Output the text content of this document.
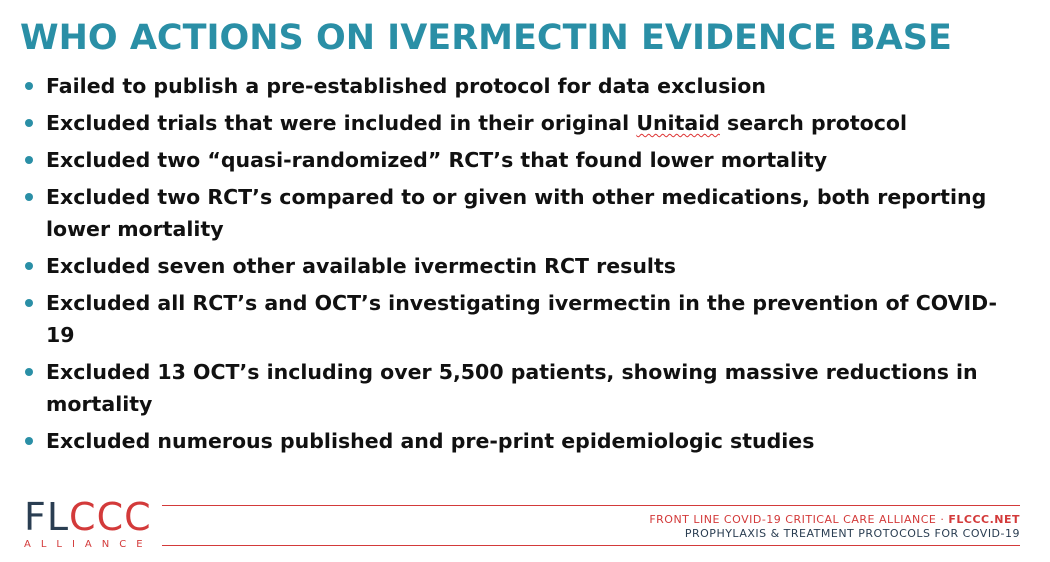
WHO ACTIONS ON IVERMECTIN EVIDENCE BASE
Failed to publish a pre-established protocol for data exclusion
Excluded trials that were included in their original Unitaid search protocol
Excluded two “quasi-randomized” RCT’s that found lower mortality
Excluded two RCT’s compared to or given with other medications, both reporting lower mortality
Excluded seven other available ivermectin RCT results
Excluded all RCT’s and OCT’s investigating ivermectin in the prevention of COVID-19
Excluded 13 OCT’s including over 5,500 patients, showing massive reductions in mortality
Excluded numerous published and pre-print epidemiologic studies
FLCCC
ALLIANCE
FRONT LINE COVID-19 CRITICAL CARE ALLIANCE · FLCCC.NET
PROPHYLAXIS & TREATMENT PROTOCOLS FOR COVID-19
